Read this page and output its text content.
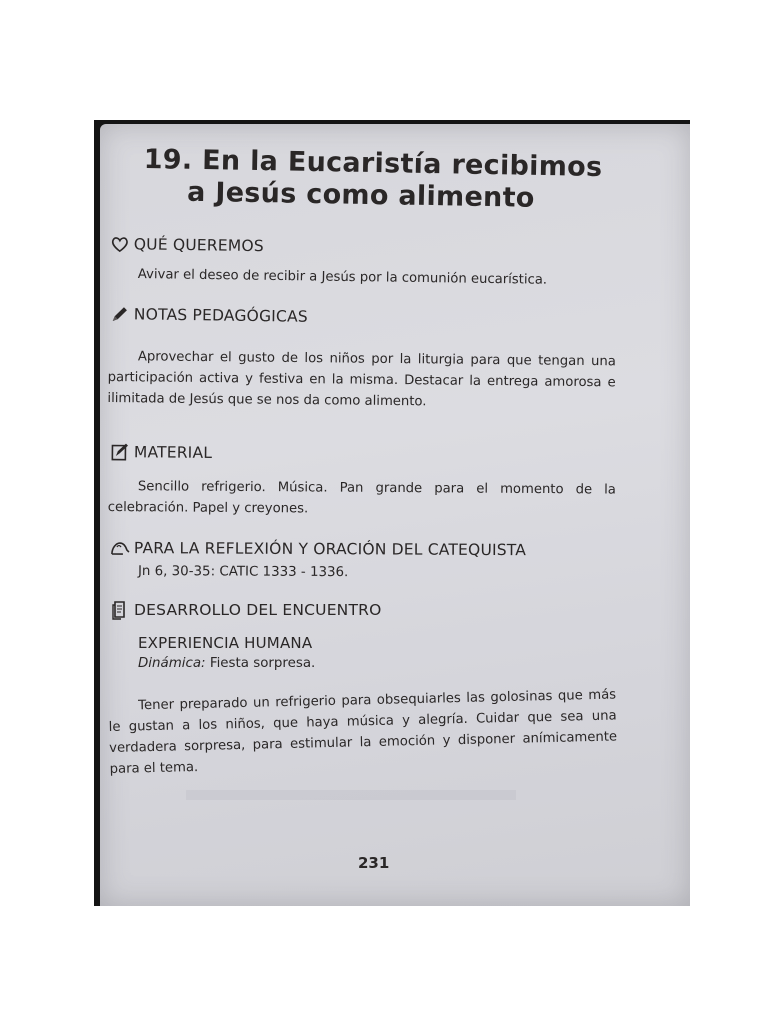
19. En la Eucaristía recibimos
a Jesús como alimento
QUÉ QUEREMOS

Avivar el deseo de recibir a Jesús por la comunión eucarística.

NOTAS PEDAGÓGICAS

Aprovechar el gusto de los niños por la liturgia para que tengan una participación activa y festiva en la misma. Destacar la entrega amorosa e ilimitada de Jesús que se nos da como alimento.

MATERIAL

Sencillo refrigerio. Música. Pan grande para el momento de la celebración. Papel y creyones.

PARA LA REFLEXIÓN Y ORACIÓN DEL CATEQUISTA
Jn 6, 30-35: CATIC 1333 - 1336.
DESARROLLO DEL ENCUENTRO
EXPERIENCIA HUMANA
Dinámica: Fiesta sorpresa.

Tener preparado un refrigerio para obsequiarles las golosinas que más le gustan a los niños, que haya música y alegría. Cuidar que sea una verdadera sorpresa, para estimular la emoción y disponer anímicamente para el tema.

231
